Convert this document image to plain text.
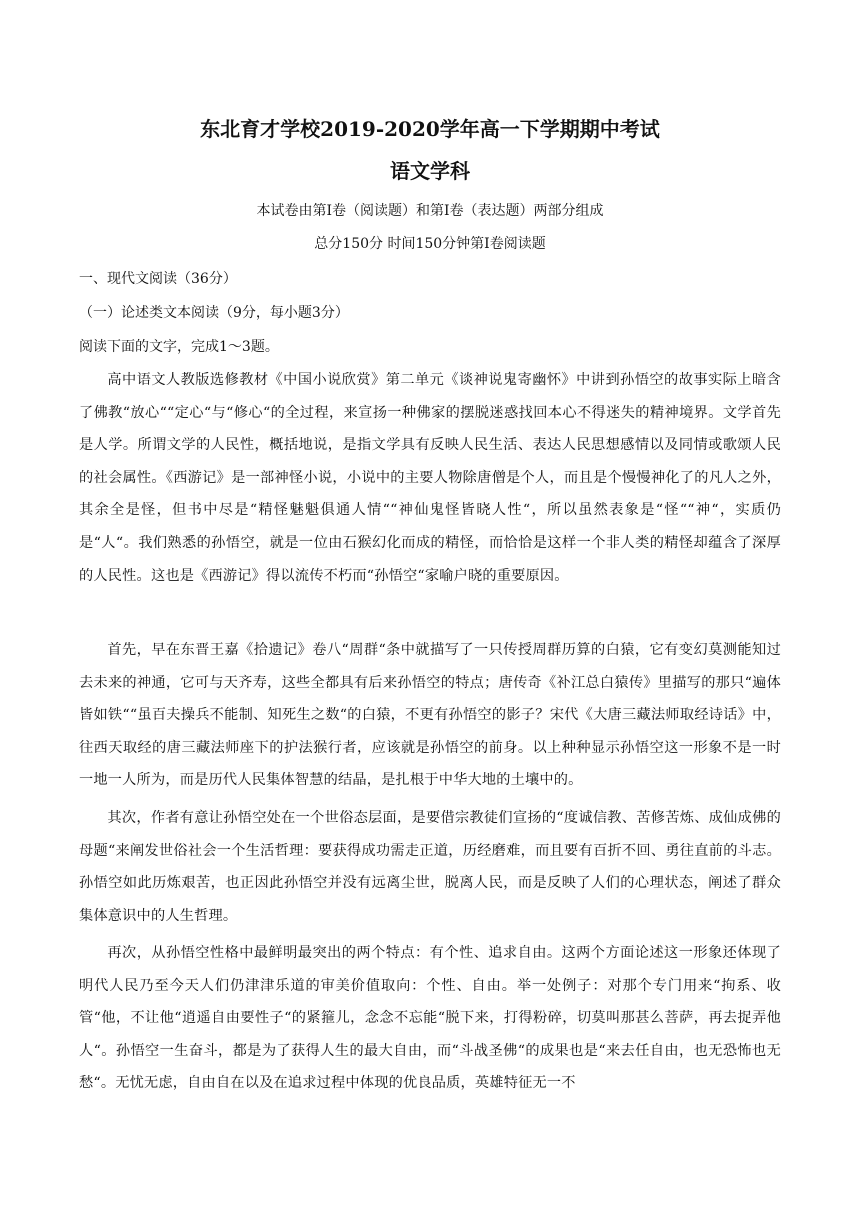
东北育才学校2019-2020学年高一下学期期中考试
语文学科
本试卷由第Ⅰ卷（阅读题）和第Ⅰ卷（表达题）两部分组成
总分150分 时间150分钟第Ⅰ卷阅读题
一、现代文阅读（36分）
（一）论述类文本阅读（9分，每小题3分）
阅读下面的文字，完成1～3题。
高中语文人教版选修教材《中国小说欣赏》第二单元《谈神说鬼寄幽怀》中讲到孙悟空的故事实际上暗含了佛教“放心““定心“与“修心“的全过程，来宣扬一种佛家的摆脱迷惑找回本心不得迷失的精神境界。文学首先是人学。所谓文学的人民性，概括地说，是指文学具有反映人民生活、表达人民思想感情以及同情或歌颂人民的社会属性。《西游记》是一部神怪小说，小说中的主要人物除唐僧是个人，而且是个慢慢神化了的凡人之外，其余全是怪，但书中尽是“精怪魅魁俱通人情““神仙鬼怪皆晓人性“，所以虽然表象是“怪““神“，实质仍是“人“。我们熟悉的孙悟空，就是一位由石猴幻化而成的精怪，而恰恰是这样一个非人类的精怪却蕴含了深厚的人民性。这也是《西游记》得以流传不朽而“孙悟空“家喻户晓的重要原因。
首先，早在东晋王嘉《拾遗记》卷八“周群“条中就描写了一只传授周群历算的白猿，它有变幻莫测能知过去未来的神通，它可与天齐寿，这些全都具有后来孙悟空的特点；唐传奇《补江总白猿传》里描写的那只“遍体皆如铁““虽百夫操兵不能制、知死生之数“的白猿，不更有孙悟空的影子？宋代《大唐三藏法师取经诗话》中，往西天取经的唐三藏法师座下的护法猴行者，应该就是孙悟空的前身。以上种种显示孙悟空这一形象不是一时一地一人所为，而是历代人民集体智慧的结晶，是扎根于中华大地的土壤中的。
其次，作者有意让孙悟空处在一个世俗态层面，是要借宗教徒们宣扬的“度诚信教、苦修苦炼、成仙成佛的母题“来阐发世俗社会一个生活哲理：要获得成功需走正道，历经磨难，而且要有百折不回、勇往直前的斗志。孙悟空如此历炼艰苦，也正因此孙悟空并没有远离尘世，脱离人民，而是反映了人们的心理状态，阐述了群众集体意识中的人生哲理。
再次，从孙悟空性格中最鲜明最突出的两个特点：有个性、追求自由。这两个方面论述这一形象还体现了明代人民乃至今天人们仍津津乐道的审美价值取向：个性、自由。举一处例子：对那个专门用来“拘系、收管“他，不让他“逍遥自由要性子“的紧箍儿，念念不忘能“脱下来，打得粉碎，切莫叫那甚么菩萨，再去捉弄他人“。孙悟空一生奋斗，都是为了获得人生的最大自由，而“斗战圣佛“的成果也是“来去任自由，也无恐怖也无愁“。无忧无虑，自由自在以及在追求过程中体现的优良品质，英雄特征无一不
